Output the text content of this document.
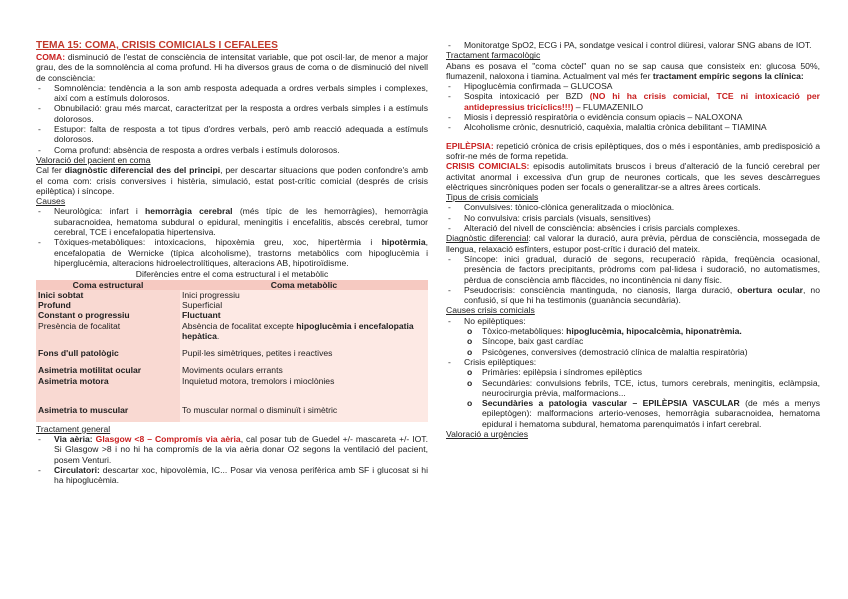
TEMA 15: COMA, CRISIS COMICIALS I CEFALEES

COMA: disminució de l'estat de consciència de intensitat variable, que pot oscil·lar, de menor a major grau, des de la somnolència al coma profund. Hi ha diversos graus de coma o de disminució del nivell de consciència:

- Somnolència: tendència a la son amb resposta adequada a ordres verbals simples i complexes, així com a estímuls dolorosos.
- Obnubilació: grau més marcat, caracteritzat per la resposta a ordres verbals simples i a estímuls dolorosos.
- Estupor: falta de resposta a tot tipus d'ordres verbals, però amb reacció adequada a estímuls dolorosos.
- Coma profund: absència de resposta a ordres verbals i estímuls dolorosos.

Valoració del pacient en coma

Cal fer diagnòstic diferencial des del principi, per descartar situacions que poden confondre's amb el coma com: crisis conversives i histèria, simulació, estat post-crític comicial (després de crisis epilèptica) i síncope.

Causes

- Neurològica: infart i hemorràgia cerebral (més típic de les hemorràgies), hemorràgia subaracnoidea, hematoma subdural o epidural, meningitis i encefalitis, abscés cerebral, tumor cerebral, TCE i encefalopatia hipertensiva.
- Tòxiques-metabòliques: intoxicacions, hipoxèmia greu, xoc, hipertèrmia i hipotèrmia, encefalopatia de Wernicke (típica alcoholisme), trastorns metabòlics com hipoglucèmia i hiperglucèmia, alteracions hidroelectrolítiques, alteracions AB, hipotiroïdisme.
Diferències entre el coma estructural i el metabòlic
Coma estructural	Coma metabòlic
Inici sobtat	Inici progressiu
Profund	Superficial
Constant o progressiu	Fluctuant
Presència de focalitat	Absència de focalitat excepte hipoglucèmia i encefalopatia hepàtica.
Fons d'ull patològic	Pupil·les simètriques, petites i reactives
Asimetria motilitat ocular	Moviments oculars errants
Asimetria motora	Inquietud motora, tremolors i mioclònies
Asimetria to muscular	To muscular normal o disminuït i simètric

Tractament general

- Via aèria: Glasgow <8 – Compromís via aèria, cal posar tub de Guedel +/- mascareta +/- IOT. Si Glasgow >8 i no hi ha compromís de la via aèria donar O2 segons la ventilació del pacient, posem Venturi.
- Circulatori: descartar xoc, hipovolèmia, IC... Posar via venosa perifèrica amb SF i glucosat si hi ha hipoglucèmia.
- Monitoratge SpO2, ECG i PA, sondatge vesical i control diüresi, valorar SNG abans de IOT.

Tractament farmacològic

Abans es posava el "coma còctel" quan no se sap causa que consisteix en: glucosa 50%, flumazenil, naloxona i tiamina. Actualment val més fer tractament empíric segons la clínica:

- Hipoglucèmia confirmada – GLUCOSA
- Sospita intoxicació per BZD (NO hi ha crisis comicial, TCE ni intoxicació per antidepressius tricíclics!!!) – FLUMAZENILO
- Miosis i depressió respiratòria o evidència consum opiacis – NALOXONA
- Alcoholisme crònic, desnutrició, caquèxia, malaltia crònica debilitant – TIAMINA

EPILÈPSIA: repetició crònica de crisis epilèptiques, dos o més i espontànies, amb predisposició a sofrir-ne més de forma repetida.

CRISIS COMICIALS: episodis autolimitats bruscos i breus d'alteració de la funció cerebral per activitat anormal i excessiva d'un grup de neurones corticals, que les seves descàrregues elèctriques sincròniques poden ser focals o generalitzar-se a altres àrees corticals.

Tipus de crisis comicials

- Convulsives: tònico-clònica generalitzada o mioclònica.
- No convulsiva: crisis parcials (visuals, sensitives)
- Alteració del nivell de consciència: absències i crisis parcials complexes.

Diagnòstic diferencial: cal valorar la duració, aura prèvia, pèrdua de consciència, mossegada de llengua, relaxació esfínters, estupor post-crític i duració del mateix.

- Síncope: inici gradual, duració de segons, recuperació ràpida, freqüència ocasional, presència de factors precipitants, pròdroms com pal·lidesa i sudoració, no automatismes, pèrdua de consciència amb flàccides, no incontinència ni dany físic.
- Pseudocrisis: consciència mantinguda, no cianosis, llarga duració, obertura ocular, no confusió, sí que hi ha testimonis (guanància secundària).

Causes crisis comicials

- No epilèptiques:
o Tòxico-metabòliques: hipoglucèmia, hipocalcèmia, hiponatrèmia.
o Síncope, baix gast cardíac
o Psicògenes, conversives (demostració clínica de malaltia respiratòria)
- Crisis epilèptiques:
o Primàries: epilèpsia i síndromes epilèptics
o Secundàries: convulsions febrils, TCE, ictus, tumors cerebrals, meningitis, eclàmpsia, neurocirurgia prèvia, malformacions...
o Secundàries a patologia vascular – EPILÈPSIA VASCULAR (de més a menys epileptògen): malformacions arterio-venoses, hemorràgia subaracnoidea, hematoma epidural i hematoma subdural, hematoma parenquimatós i infart cerebral.

Valoració a urgències
